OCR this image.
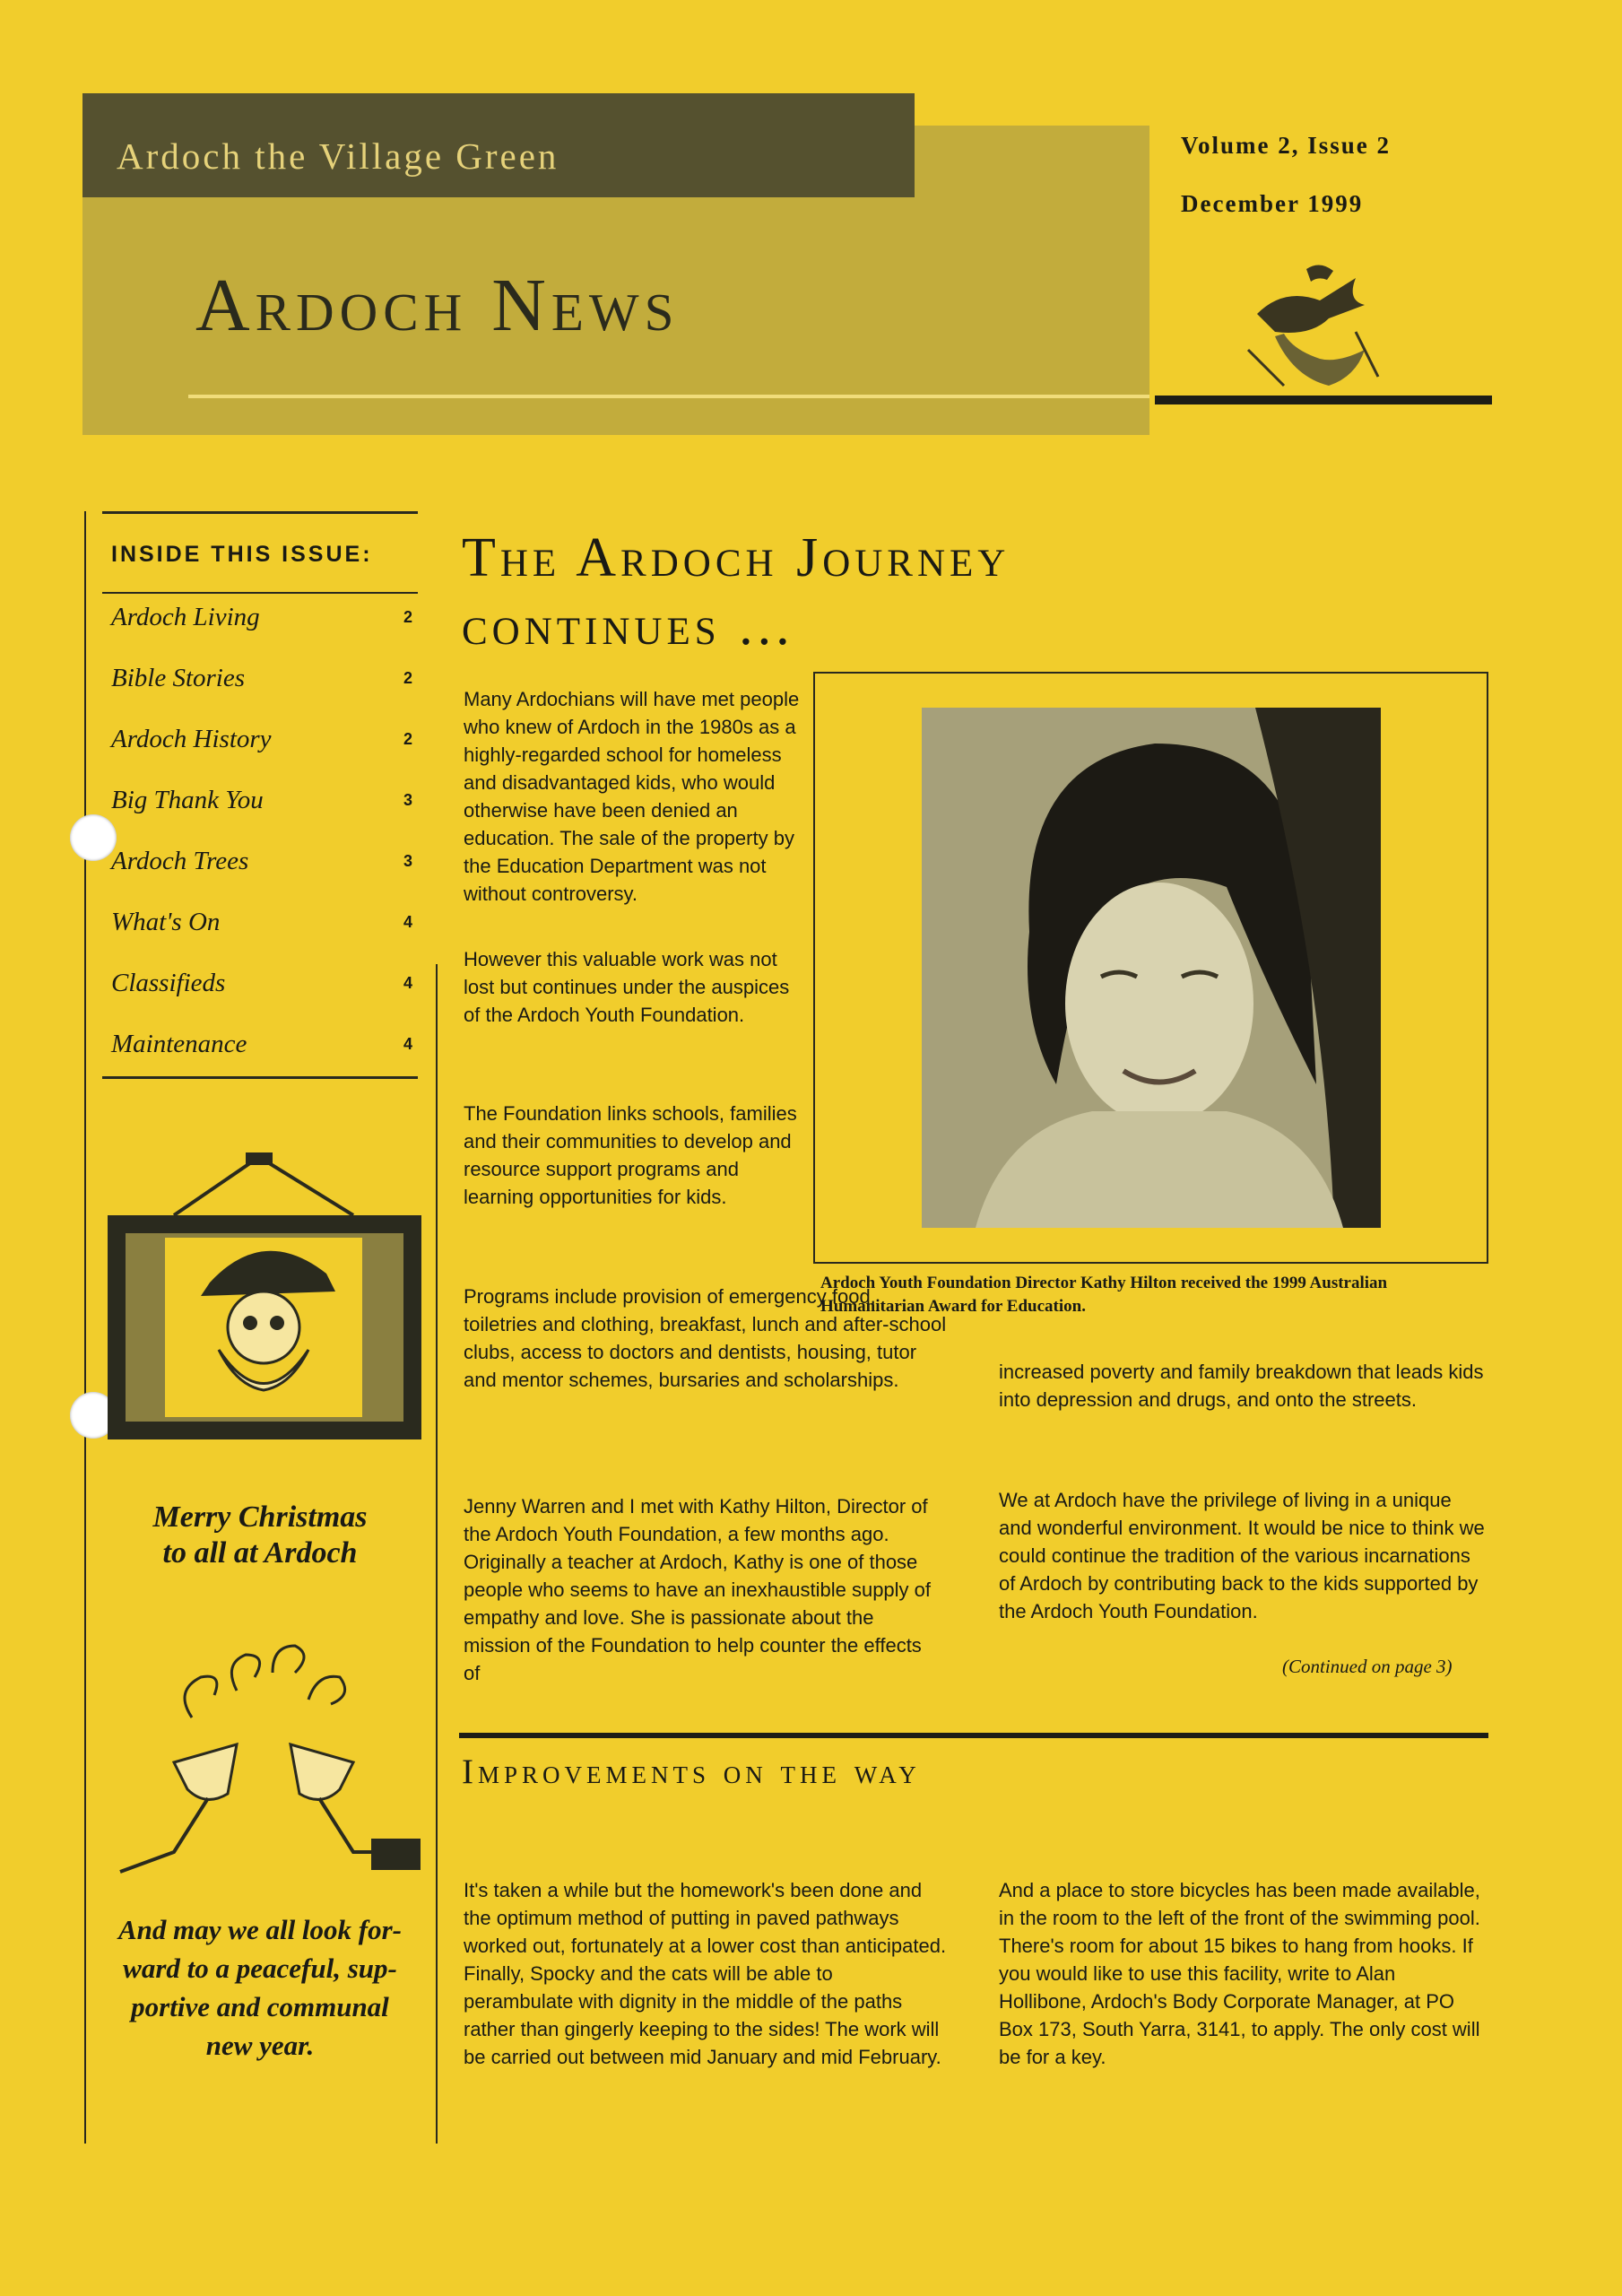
Ardoch the Village Green
Ardoch News
Volume 2, Issue 2
December 1999
INSIDE THIS ISSUE:
Ardoch Living	2
Bible Stories	2
Ardoch History	2
Big Thank You	3
Ardoch Trees	3
What's On	4
Classifieds	4
Maintenance	4
Merry Christmas
to all at Ardoch
And may we all look for-
ward to a peaceful, sup-
portive and communal
new year.
The Ardoch Journey
continues ...
Many Ardochians will have met people who knew of Ardoch in the 1980s as a highly-regarded school for homeless and disadvantaged kids, who would otherwise have been denied an education. The sale of the property by the Education Department was not without controversy.
However this valuable work was not lost but continues under the auspices of the Ardoch Youth Foundation.
The Foundation links schools, families and their communities to develop and resource support programs and learning opportunities for kids.
Programs include provision of emergency food, toiletries and clothing, breakfast, lunch and after-school clubs, access to doctors and dentists, housing, tutor and mentor schemes, bursaries and scholarships.
Jenny Warren and I met with Kathy Hilton, Director of the Ardoch Youth Foundation, a few months ago. Originally a teacher at Ardoch, Kathy is one of those people who seems to have an inexhaustible supply of empathy and love. She is passionate about the mission of the Foundation to help counter the effects of
increased poverty and family breakdown that leads kids into depression and drugs, and onto the streets.
We at Ardoch have the privilege of living in a unique and wonderful environment. It would be nice to think we could continue the tradition of the various incarnations of Ardoch by contributing back to the kids supported by the Ardoch Youth Foundation.
(Continued on page 3)
Ardoch Youth Foundation Director Kathy Hilton received the 1999 Australian Humanitarian Award for Education.
Improvements on the way
It's taken a while but the homework's been done and the optimum method of putting in paved pathways worked out, fortunately at a lower cost than anticipated. Finally, Spocky and the cats will be able to perambulate with dignity in the middle of the paths rather than gingerly keeping to the sides! The work will be carried out between mid January and mid February.
And a place to store bicycles has been made available, in the room to the left of the front of the swimming pool. There's room for about 15 bikes to hang from hooks. If you would like to use this facility, write to Alan Hollibone, Ardoch's Body Corporate Manager, at PO Box 173, South Yarra, 3141, to apply. The only cost will be for a key.
